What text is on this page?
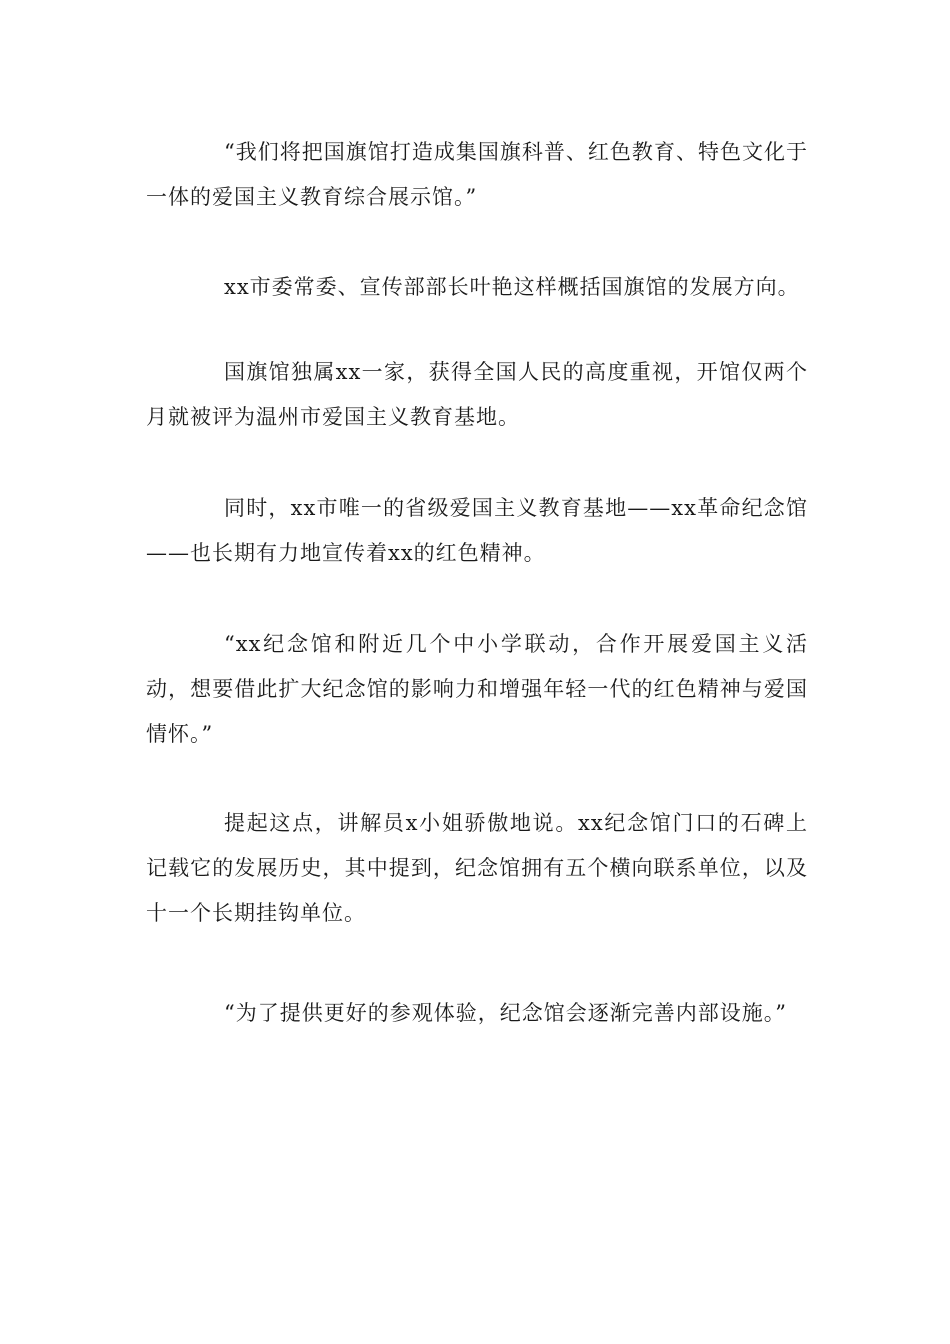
“我们将把国旗馆打造成集国旗科普、红色教育、特色文化于一体的爱国主义教育综合展示馆。”

xx市委常委、宣传部部长叶艳这样概括国旗馆的发展方向。

国旗馆独属xx一家，获得全国人民的高度重视，开馆仅两个月就被评为温州市爱国主义教育基地。

同时，xx市唯一的省级爱国主义教育基地——xx革命纪念馆——也长期有力地宣传着xx的红色精神。

“xx纪念馆和附近几个中小学联动，合作开展爱国主义活动，想要借此扩大纪念馆的影响力和增强年轻一代的红色精神与爱国情怀。”

提起这点，讲解员x小姐骄傲地说。xx纪念馆门口的石碑上记载它的发展历史，其中提到，纪念馆拥有五个横向联系单位，以及十一个长期挂钩单位。

“为了提供更好的参观体验，纪念馆会逐渐完善内部设施。”
